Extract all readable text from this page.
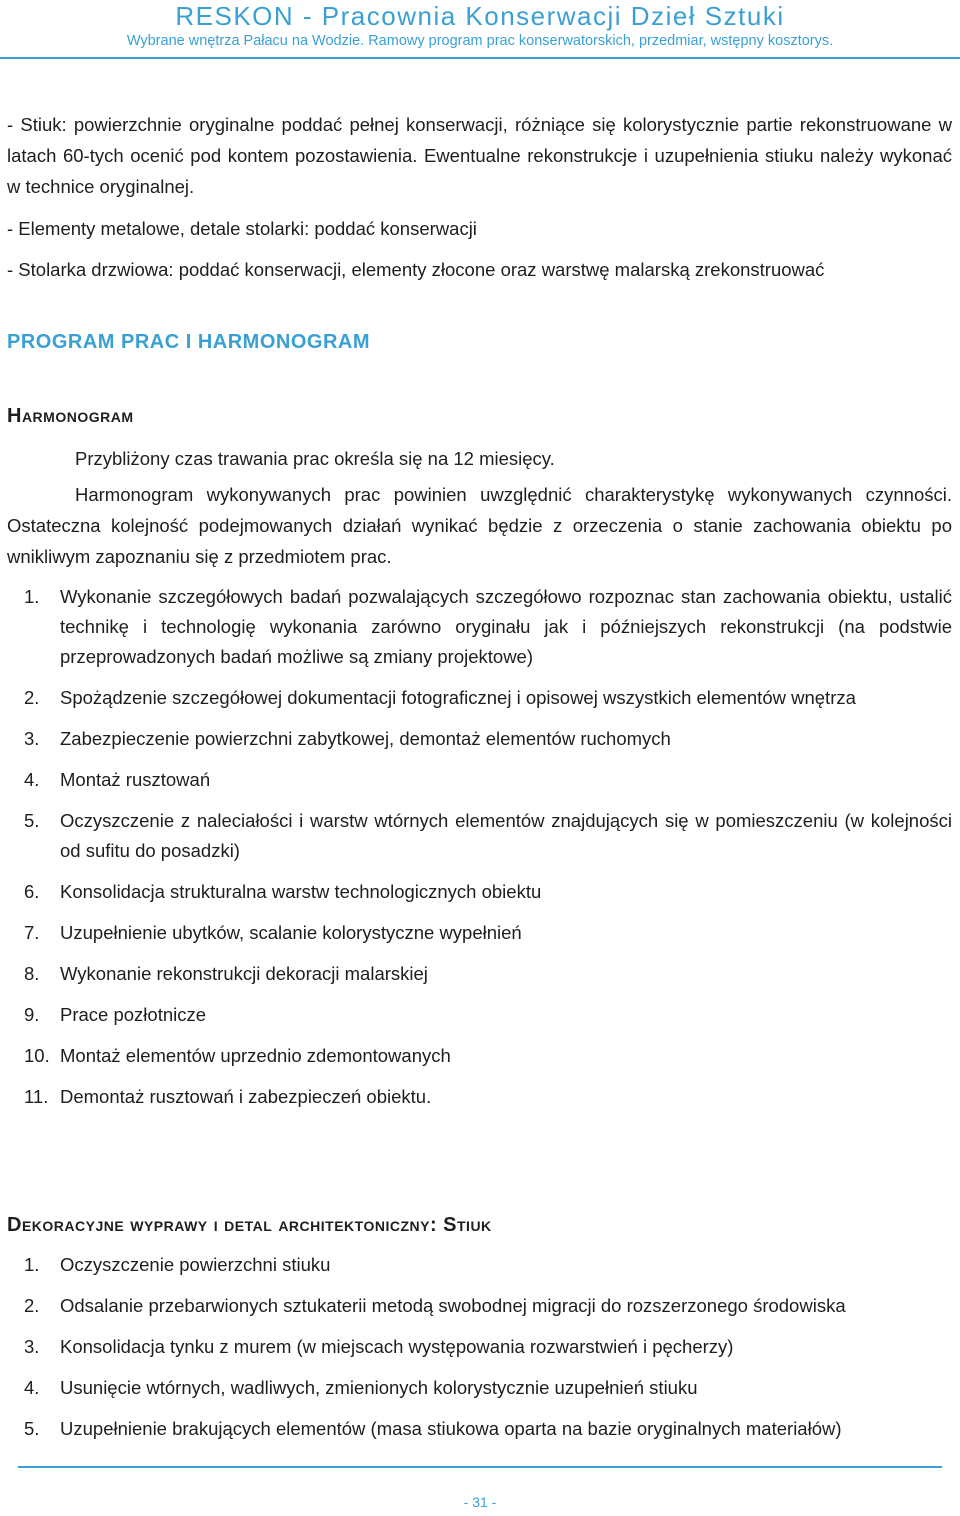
RESKON - Pracownia Konserwacji Dzieł Sztuki
Wybrane wnętrza Pałacu na Wodzie. Ramowy program prac konserwatorskich, przedmiar, wstępny kosztorys.

- Stiuk: powierzchnie oryginalne poddać pełnej konserwacji, różniące się kolorystycznie partie rekonstruowane w latach 60-tych ocenić pod kontem pozostawienia. Ewentualne rekonstrukcje i uzupełnienia stiuku należy wykonać w technice oryginalnej.

- Elementy metalowe, detale stolarki: poddać konserwacji

- Stolarka drzwiowa: poddać konserwacji, elementy złocone oraz warstwę malarską zrekonstruować

PROGRAM PRAC I HARMONOGRAM
Harmonogram

Przybliżony czas trawania prac określa się na 12 miesięcy.

Harmonogram wykonywanych prac powinien uwzględnić charakterystykę wykonywanych czynności. Ostateczna kolejność podejmowanych działań wynikać będzie z orzeczenia o stanie zachowania obiektu po wnikliwym zapoznaniu się z przedmiotem prac.

1.	Wykonanie szczegółowych badań pozwalających szczegółowo rozpoznac stan zachowania obiektu, ustalić technikę i technologię wykonania zarówno oryginału jak i późniejszych rekonstrukcji (na podstwie przeprowadzonych badań możliwe są zmiany projektowe)
2.	Spożądzenie szczegółowej dokumentacji fotograficznej i opisowej wszystkich elementów wnętrza
3.	Zabezpieczenie powierzchni zabytkowej, demontaż elementów ruchomych
4.	Montaż rusztowań
5.	Oczyszczenie z naleciałości i warstw wtórnych elementów znajdujących się w pomieszczeniu (w kolejności od sufitu do posadzki)
6.	Konsolidacja strukturalna warstw technologicznych obiektu
7.	Uzupełnienie ubytków, scalanie kolorystyczne wypełnień
8.	Wykonanie rekonstrukcji dekoracji malarskiej
9.	Prace pozłotnicze
10. Montaż elementów uprzednio zdemontowanych
11. Demontaż rusztowań i zabezpieczeń obiektu.
Dekoracyjne wyprawy i detal architektoniczny: Stiuk
1.	Oczyszczenie powierzchni stiuku
2.	Odsalanie przebarwionych sztukaterii metodą swobodnej migracji do rozszerzonego środowiska
3.	Konsolidacja tynku z murem (w miejscach występowania rozwarstwień i pęcherzy)
4.	Usunięcie wtórnych, wadliwych, zmienionych kolorystycznie uzupełnień stiuku
5.	Uzupełnienie brakujących elementów (masa stiukowa oparta na bazie oryginalnych materiałów)
- 31 -
